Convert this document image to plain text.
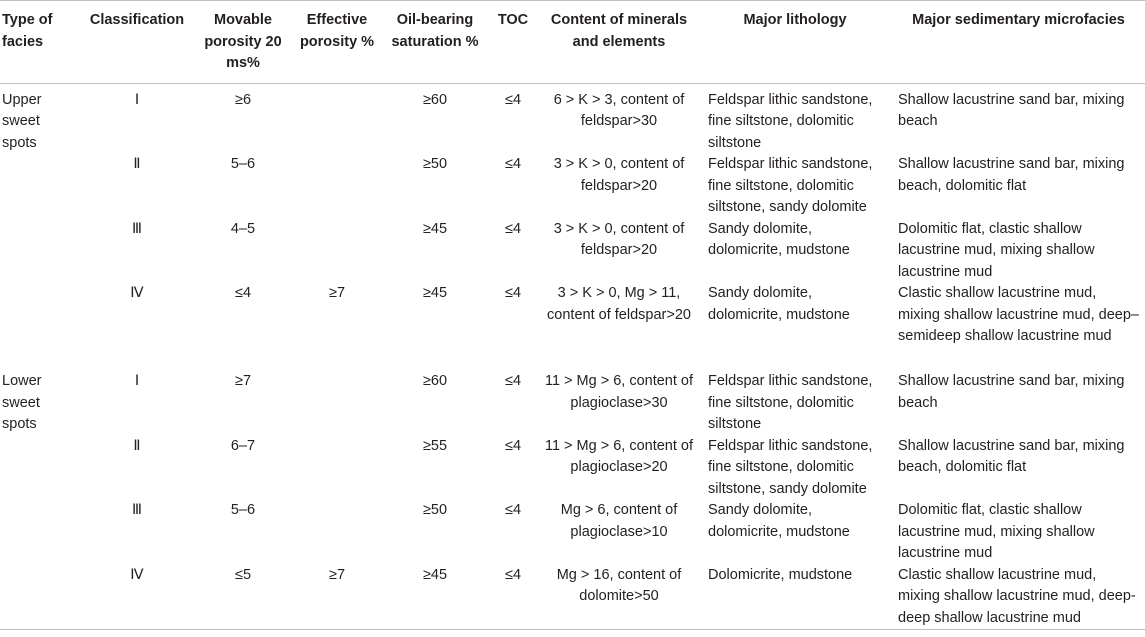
Type of facies	Classification	Movable porosity 20 ms%	Effective porosity %	Oil-bearing saturation %	TOC	Content of minerals and elements	Major lithology	Major sedimentary microfacies
Upper sweet spots	Ⅰ	≥6		≥60	≤4	6 > K > 3, content of feldspar>30	Feldspar lithic sandstone, fine siltstone, dolomitic siltstone	Shallow lacustrine sand bar, mixing beach
	Ⅱ	5–6		≥50	≤4	3 > K > 0, content of feldspar>20	Feldspar lithic sandstone, fine siltstone, dolomitic siltstone, sandy dolomite	Shallow lacustrine sand bar, mixing beach, dolomitic flat
	Ⅲ	4–5		≥45	≤4	3 > K > 0, content of feldspar>20	Sandy dolomite, dolomicrite, mudstone	Dolomitic flat, clastic shallow lacustrine mud, mixing shallow lacustrine mud
	Ⅳ	≤4	≥7	≥45	≤4	3 > K > 0, Mg > 11, content of feldspar>20	Sandy dolomite, dolomicrite, mudstone	Clastic shallow lacustrine mud, mixing shallow lacustrine mud, deep–semideep shallow lacustrine mud
Lower sweet spots	Ⅰ	≥7		≥60	≤4	11 > Mg > 6, content of plagioclase>30	Feldspar lithic sandstone, fine siltstone, dolomitic siltstone	Shallow lacustrine sand bar, mixing beach
	Ⅱ	6–7		≥55	≤4	11 > Mg > 6, content of plagioclase>20	Feldspar lithic sandstone, fine siltstone, dolomitic siltstone, sandy dolomite	Shallow lacustrine sand bar, mixing beach, dolomitic flat
	Ⅲ	5–6		≥50	≤4	Mg > 6, content of plagioclase>10	Sandy dolomite, dolomicrite, mudstone	Dolomitic flat, clastic shallow lacustrine mud, mixing shallow lacustrine mud
	Ⅳ	≤5	≥7	≥45	≤4	Mg > 16, content of dolomite>50	Dolomicrite, mudstone	Clastic shallow lacustrine mud, mixing shallow lacustrine mud, deep- deep shallow lacustrine mud
